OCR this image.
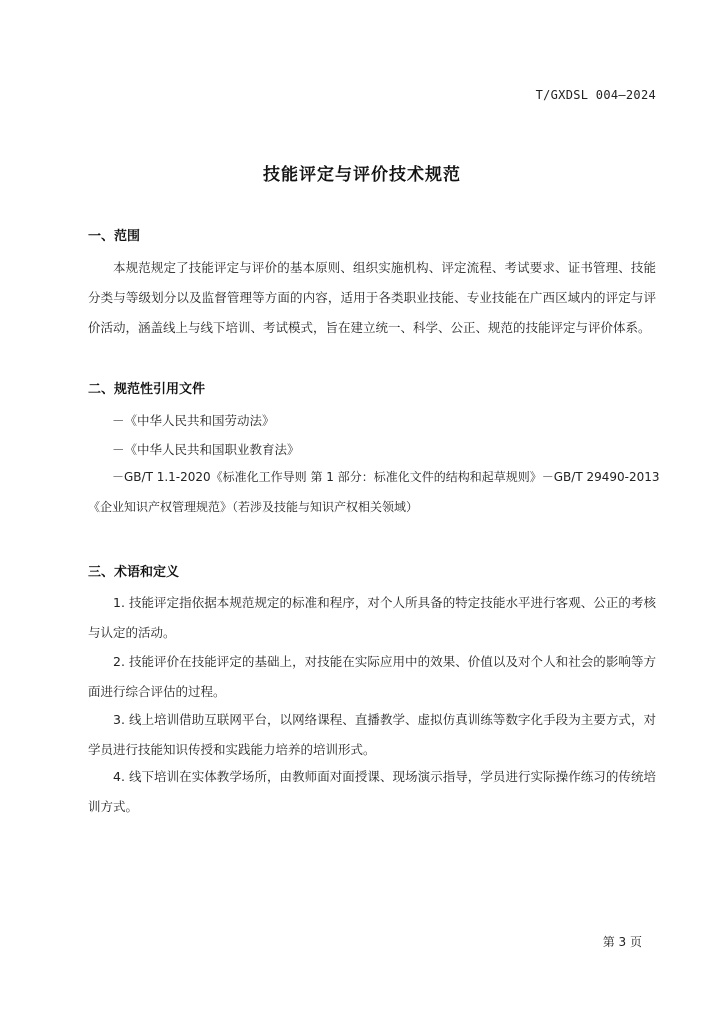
T/GXDSL 004—2024
技能评定与评价技术规范
一、范围
本规范规定了技能评定与评价的基本原则、组织实施机构、评定流程、考试要求、证书管理、技能分类与等级划分以及监督管理等方面的内容，适用于各类职业技能、专业技能在广西区域内的评定与评价活动，涵盖线上与线下培训、考试模式，旨在建立统一、科学、公正、规范的技能评定与评价体系。
二、规范性引用文件
－《中华人民共和国劳动法》
－《中华人民共和国职业教育法》
－GB/T 1.1-2020《标准化工作导则 第 1 部分：标准化文件的结构和起草规则》－GB/T 29490-2013
《企业知识产权管理规范》（若涉及技能与知识产权相关领域）
三、术语和定义
1. 技能评定指依据本规范规定的标准和程序，对个人所具备的特定技能水平进行客观、公正的考核与认定的活动。
2. 技能评价在技能评定的基础上，对技能在实际应用中的效果、价值以及对个人和社会的影响等方面进行综合评估的过程。
3. 线上培训借助互联网平台，以网络课程、直播教学、虚拟仿真训练等数字化手段为主要方式，对学员进行技能知识传授和实践能力培养的培训形式。
4. 线下培训在实体教学场所，由教师面对面授课、现场演示指导，学员进行实际操作练习的传统培训方式。
第 3 页
